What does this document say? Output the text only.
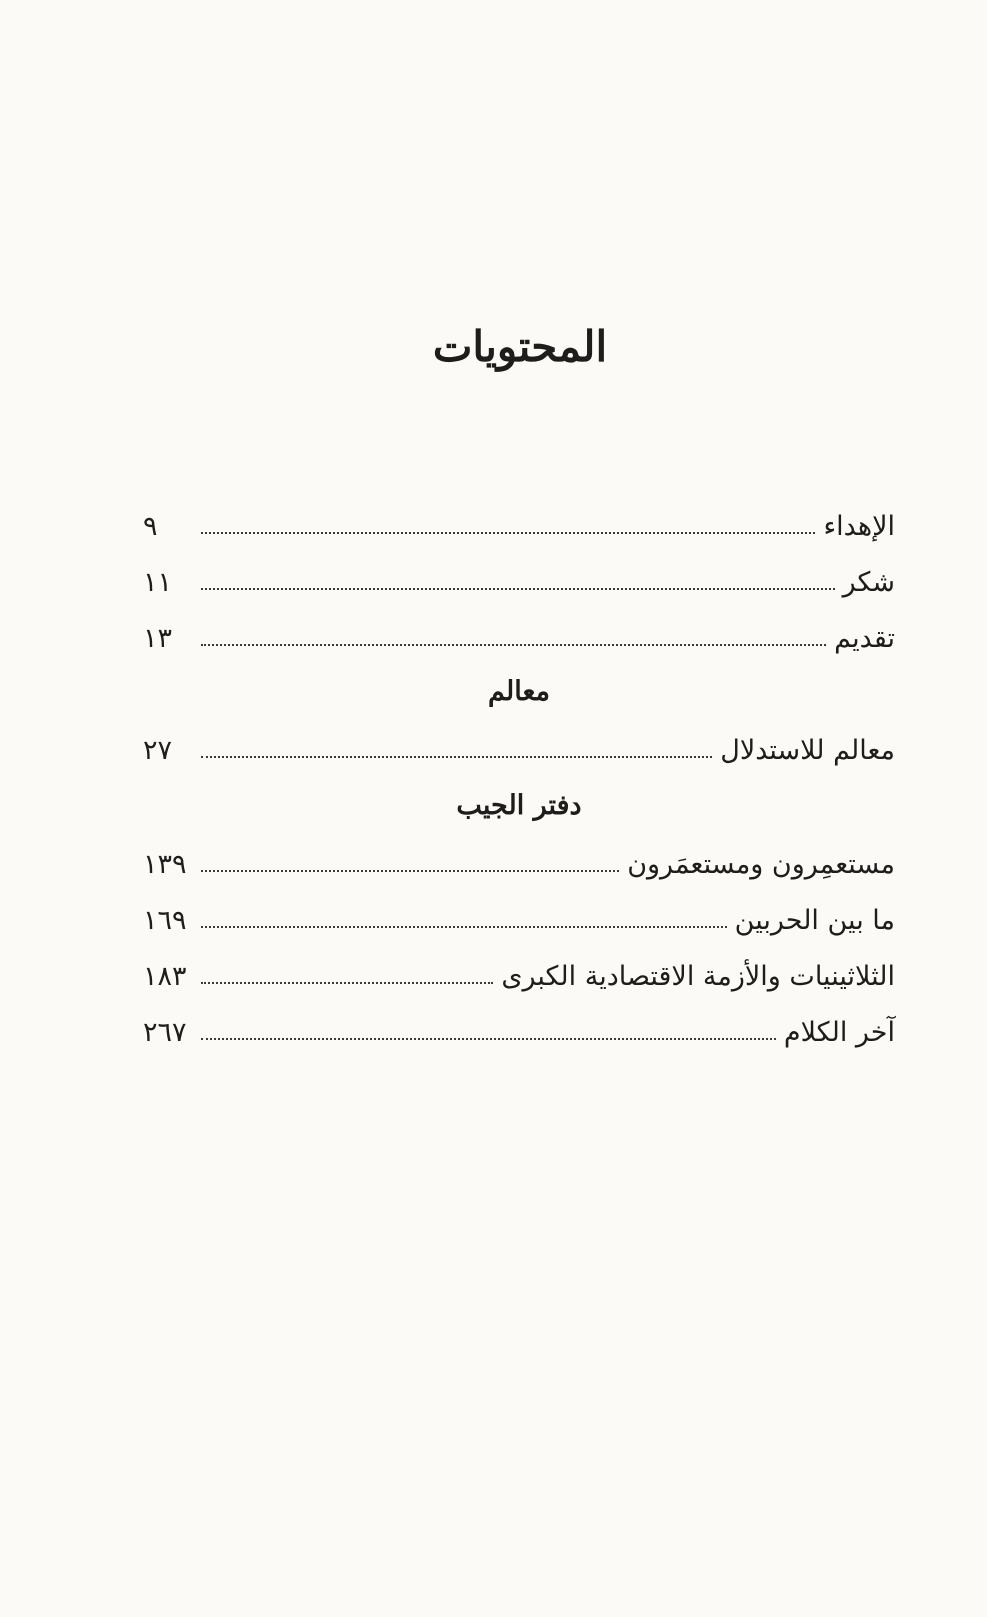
المحتويات
الإهداء
٩
شكر
١١
تقديم
١٣
معالم
معالم للاستدلال
٢٧
دفتر الجيب
مستعمِرون ومستعمَرون
١٣٩
ما بين الحربين
١٦٩
الثلاثينيات والأزمة الاقتصادية الكبرى
١٨٣
آخر الكلام
٢٦٧
